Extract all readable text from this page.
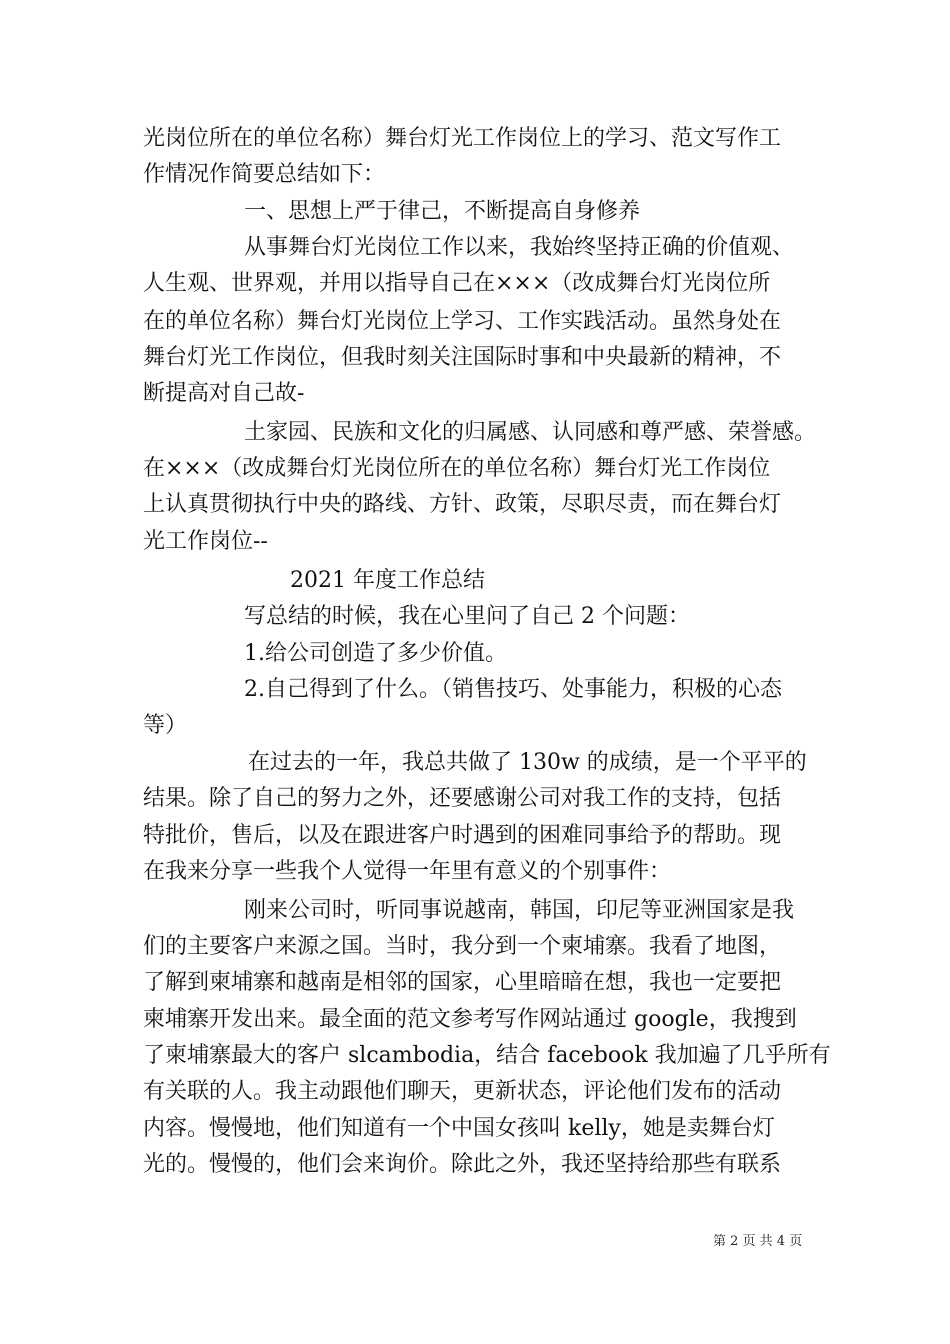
光岗位所在的单位名称）舞台灯光工作岗位上的学习、范文写作工
作情况作简要总结如下：
一、思想上严于律己，不断提高自身修养
从事舞台灯光岗位工作以来，我始终坚持正确的价值观、
人生观、世界观，并用以指导自己在×××（改成舞台灯光岗位所
在的单位名称）舞台灯光岗位上学习、工作实践活动。虽然身处在
舞台灯光工作岗位，但我时刻关注国际时事和中央最新的精神，不
断提高对自己故-
土家园、民族和文化的归属感、认同感和尊严感、荣誉感。
在×××（改成舞台灯光岗位所在的单位名称）舞台灯光工作岗位
上认真贯彻执行中央的路线、方针、政策，尽职尽责，而在舞台灯
光工作岗位--
2021 年度工作总结
写总结的时候，我在心里问了自己 2 个问题：
1.给公司创造了多少价值。
2.自己得到了什么。（销售技巧、处事能力，积极的心态
等）
在过去的一年，我总共做了 130w 的成绩，是一个平平的
结果。除了自己的努力之外，还要感谢公司对我工作的支持，包括
特批价，售后，以及在跟进客户时遇到的困难同事给予的帮助。现
在我来分享一些我个人觉得一年里有意义的个别事件：
刚来公司时，听同事说越南，韩国，印尼等亚洲国家是我
们的主要客户来源之国。当时，我分到一个柬埔寨。我看了地图，
了解到柬埔寨和越南是相邻的国家，心里暗暗在想，我也一定要把
柬埔寨开发出来。最全面的范文参考写作网站通过 google，我搜到
了柬埔寨最大的客户 slcambodia，结合 facebook 我加遍了几乎所有
有关联的人。我主动跟他们聊天，更新状态，评论他们发布的活动
内容。慢慢地，他们知道有一个中国女孩叫 kelly，她是卖舞台灯
光的。慢慢的，他们会来询价。除此之外，我还坚持给那些有联系
第 2 页 共 4 页
